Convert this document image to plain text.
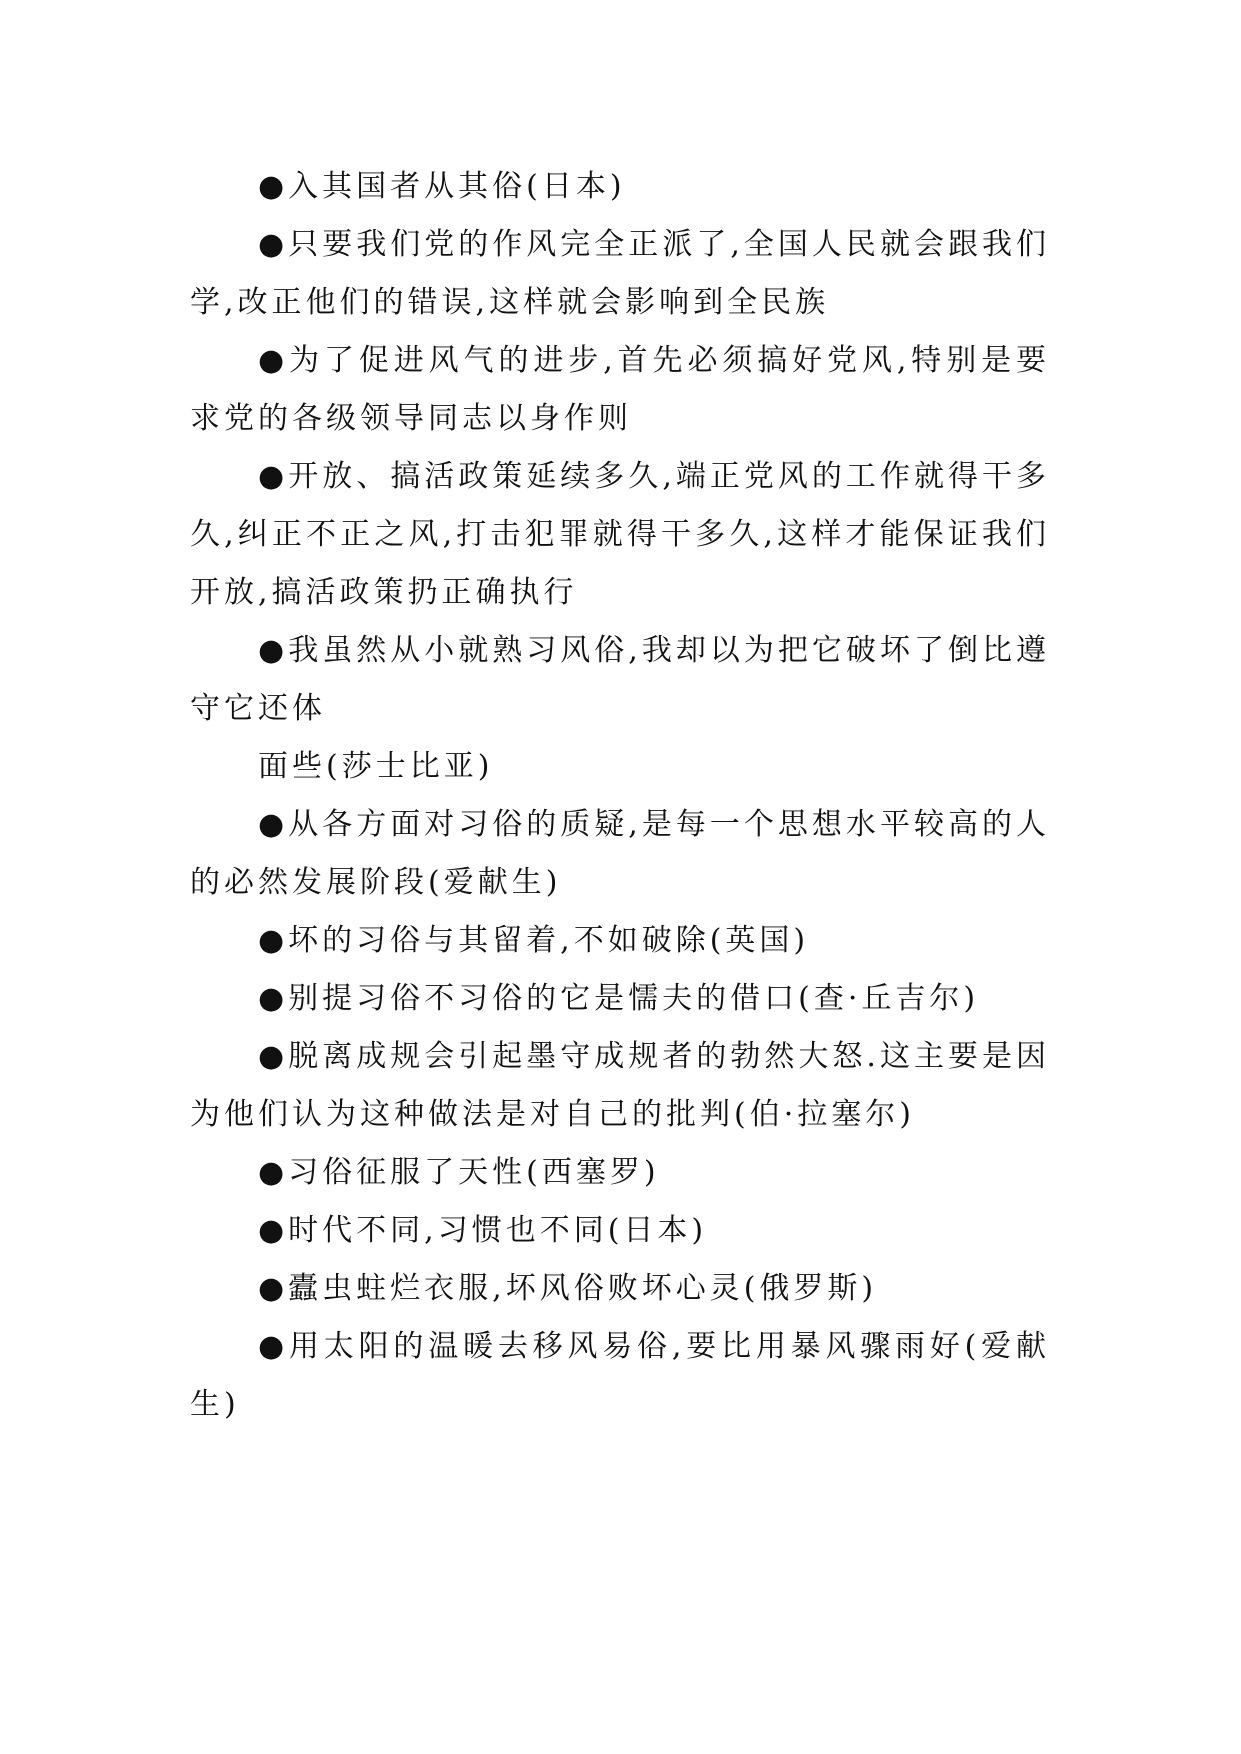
●入其国者从其俗(日本)

●只要我们党的作风完全正派了,全国人民就会跟我们学,改正他们的错误,这样就会影响到全民族

●为了促进风气的进步,首先必须搞好党风,特别是要求党的各级领导同志以身作则

●开放、搞活政策延续多久,端正党风的工作就得干多久,纠正不正之风,打击犯罪就得干多久,这样才能保证我们开放,搞活政策扔正确执行

●我虽然从小就熟习风俗,我却以为把它破坏了倒比遵守它还体

面些(莎士比亚)

●从各方面对习俗的质疑,是每一个思想水平较高的人的必然发展阶段(爱献生)

●坏的习俗与其留着,不如破除(英国)

●别提习俗不习俗的它是懦夫的借口(查·丘吉尔)

●脱离成规会引起墨守成规者的勃然大怒.这主要是因为他们认为这种做法是对自己的批判(伯·拉塞尔)

●习俗征服了天性(西塞罗)

●时代不同,习惯也不同(日本)

●蠹虫蛀烂衣服,坏风俗败坏心灵(俄罗斯)

●用太阳的温暖去移风易俗,要比用暴风骤雨好(爱献生)
